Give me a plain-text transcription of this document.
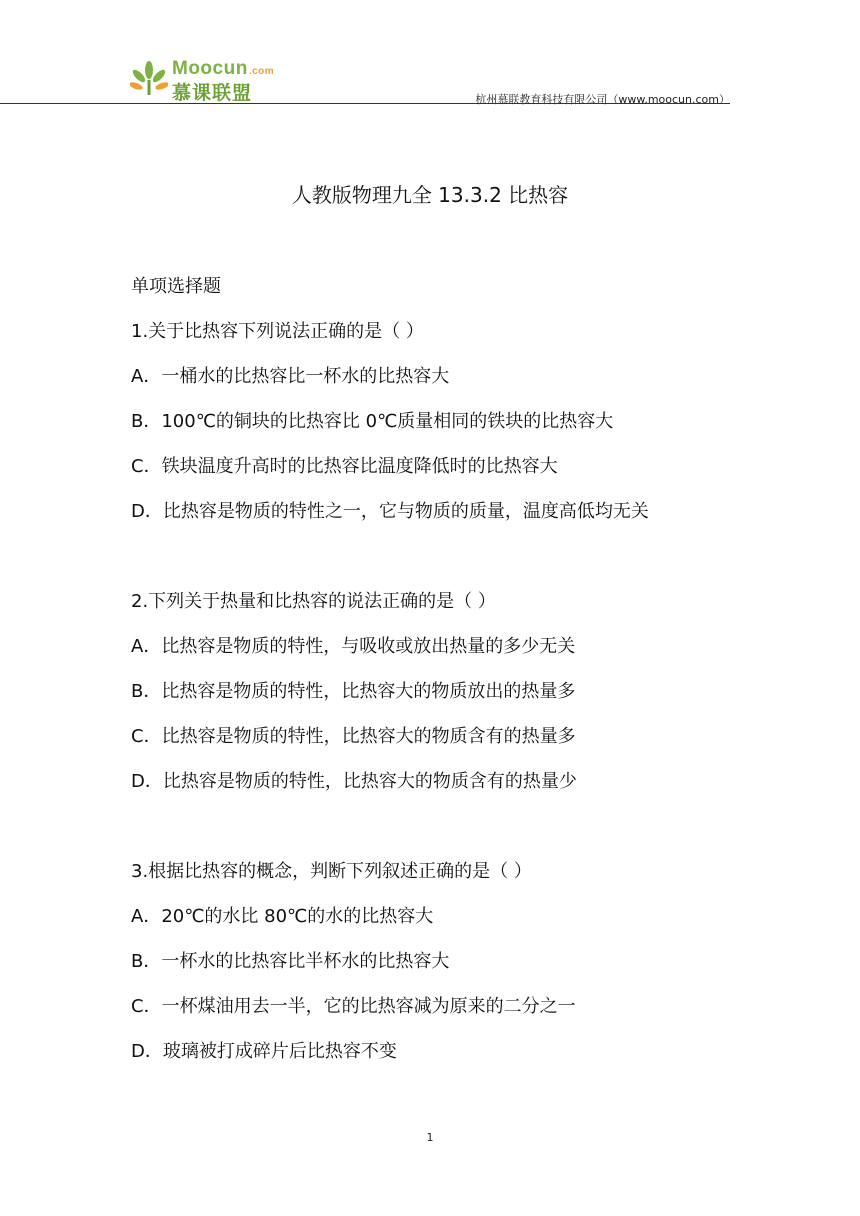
Moocun.com
慕课联盟	杭州慕联教育科技有限公司（www.moocun.com）
人教版物理九全 13.3.2 比热容
单项选择题
1.关于比热容下列说法正确的是（ ）
A．一桶水的比热容比一杯水的比热容大
B．100℃的铜块的比热容比 0℃质量相同的铁块的比热容大
C．铁块温度升高时的比热容比温度降低时的比热容大
D．比热容是物质的特性之一，它与物质的质量，温度高低均无关
2.下列关于热量和比热容的说法正确的是（ ）
A．比热容是物质的特性，与吸收或放出热量的多少无关
B．比热容是物质的特性，比热容大的物质放出的热量多
C．比热容是物质的特性，比热容大的物质含有的热量多
D．比热容是物质的特性，比热容大的物质含有的热量少
3.根据比热容的概念，判断下列叙述正确的是（ ）
A．20℃的水比 80℃的水的比热容大
B．一杯水的比热容比半杯水的比热容大
C．一杯煤油用去一半，它的比热容减为原来的二分之一
D．玻璃被打成碎片后比热容不变
1
